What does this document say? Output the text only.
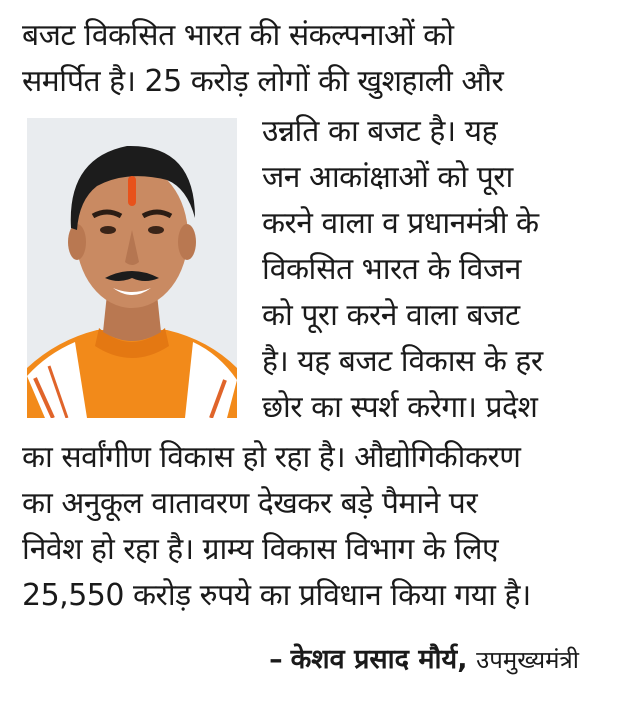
बजट विकसित भारत की संकल्पनाओं को
समर्पित है। 25 करोड़ लोगों की खुशहाली और
उन्नति का बजट है। यह
जन आकांक्षाओं को पूरा
करने वाला व प्रधानमंत्री के
विकसित भारत के विजन
को पूरा करने वाला बजट
है। यह बजट विकास के हर
छोर का स्पर्श करेगा। प्रदेश
का सर्वांगीण विकास हो रहा है। औद्योगिकीकरण
का अनुकूल वातावरण देखकर बड़े पैमाने पर
निवेश हो रहा है। ग्राम्य विकास विभाग के लिए
25,550 करोड़ रुपये का प्रविधान किया गया है।
– केशव प्रसाद मौर्य, उपमुख्यमंत्री
